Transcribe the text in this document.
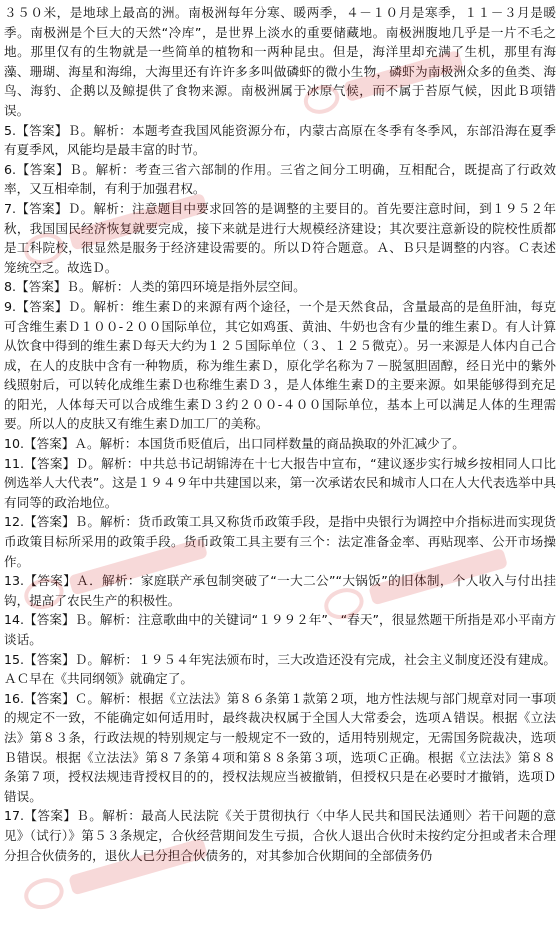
３５０米，是地球上最高的洲。南极洲每年分寒、暖两季，４－１０月是寒季，１１－３月是暖季。南极洲是个巨大的天然“冷库”，是世界上淡水的重要储藏地。南极洲腹地几乎是一片不毛之地。那里仅有的生物就是一些简单的植物和一两种昆虫。但是，海洋里却充满了生机，那里有海藻、珊瑚、海星和海绵，大海里还有许许多多叫做磷虾的微小生物，磷虾为南极洲众多的鱼类、海鸟、海豹、企鹅以及鲸提供了食物来源。南极洲属于冰原气候，而不属于苔原气候，因此Ｂ项错误。

5.【答案】Ｂ。解析：本题考查我国风能资源分布，内蒙古高原在冬季有冬季风，东部沿海在夏季有夏季风，风能均是最丰富的时节。

6.【答案】Ｂ。解析：考查三省六部制的作用。三省之间分工明确，互相配合，既提高了行政效率，又互相牵制，有利于加强君权。

7.【答案】Ｄ。解析：注意题目中要求回答的是调整的主要目的。首先要注意时间，到１９５２年秋，我国国民经济恢复就要完成，接下来就是进行大规模经济建设；其次要注意新设的院校性质都是工科院校，很显然是服务于经济建设需要的。所以Ｄ符合题意。Ａ、Ｂ只是调整的内容。Ｃ表述笼统空乏。故选Ｄ。

8.【答案】Ｂ。解析：人类的第四环境是指外层空间。

9.【答案】Ｄ。解析：维生素Ｄ的来源有两个途径，一个是天然食品，含量最高的是鱼肝油，每克可含维生素Ｄ１００-２００国际单位，其它如鸡蛋、黄油、牛奶也含有少量的维生素Ｄ。有人计算从饮食中得到的维生素Ｄ每天大约为１２５国际单位（３、１２５微克）。另一来源是人体内自己合成，在人的皮肤中含有一种物质，称为维生素Ｄ，原化学名称为７－脱氢胆固醇，经日光中的紫外线照射后，可以转化成维生素Ｄ也称维生素Ｄ３，是人体维生素Ｄ的主要来源。如果能够得到充足的阳光，人体每天可以合成维生素Ｄ３约２００-４００国际单位，基本上可以满足人体的生理需要。所以人的皮肤又有维生素Ｄ加工厂的美称。

10.【答案】Ａ。解析：本国货币贬值后，出口同样数量的商品换取的外汇减少了。

11.【答案】Ｄ。解析：中共总书记胡锦涛在十七大报告中宣布，“建议逐步实行城乡按相同人口比例选举人大代表”。这是１９４９年中共建国以来，第一次承诺农民和城市人口在人大代表选举中具有同等的政治地位。

12.【答案】Ｂ。解析：货币政策工具又称货币政策手段，是指中央银行为调控中介指标进而实现货币政策目标所采用的政策手段。货币政策工具主要有三个：法定准备金率、再贴现率、公开市场操作。

13.【答案】Ａ．解析：家庭联产承包制突破了“一大二公”“大锅饭”的旧体制，个人收入与付出挂钩，提高了农民生产的积极性。

14.【答案】Ｂ。解析：注意歌曲中的关键词“１９９２年”、“春天”，很显然题干所指是邓小平南方谈话。

15.【答案】Ｄ。解析：１９５４年宪法颁布时，三大改造还没有完成，社会主义制度还没有建成。ＡＣ早在《共同纲领》就确定了。

16.【答案】Ｃ。解析：根据《立法法》第８６条第１款第２项，地方性法规与部门规章对同一事项的规定不一致，不能确定如何适用时，最终裁决权属于全国人大常委会，选项Ａ错误。根据《立法法》第８３条，行政法规的特别规定与一般规定不一致的，适用特别规定，无需国务院裁决，选项Ｂ错误。根据《立法法》第８７条第４项和第８８条第３项，选项Ｃ正确。根据《立法法》第８８条第７项，授权法规违背授权目的的，授权法规应当被撤销，但授权只是在必要时才撤销，选项Ｄ错误。

17.【答案】Ｂ。解析：最高人民法院《关于贯彻执行〈中华人民共和国民法通则〉若干问题的意见》（试行）》第５３条规定，合伙经营期间发生亏损，合伙人退出合伙时未按约定分担或者未合理分担合伙债务的，退伙人已分担合伙债务的，对其参加合伙期间的全部债务仍
